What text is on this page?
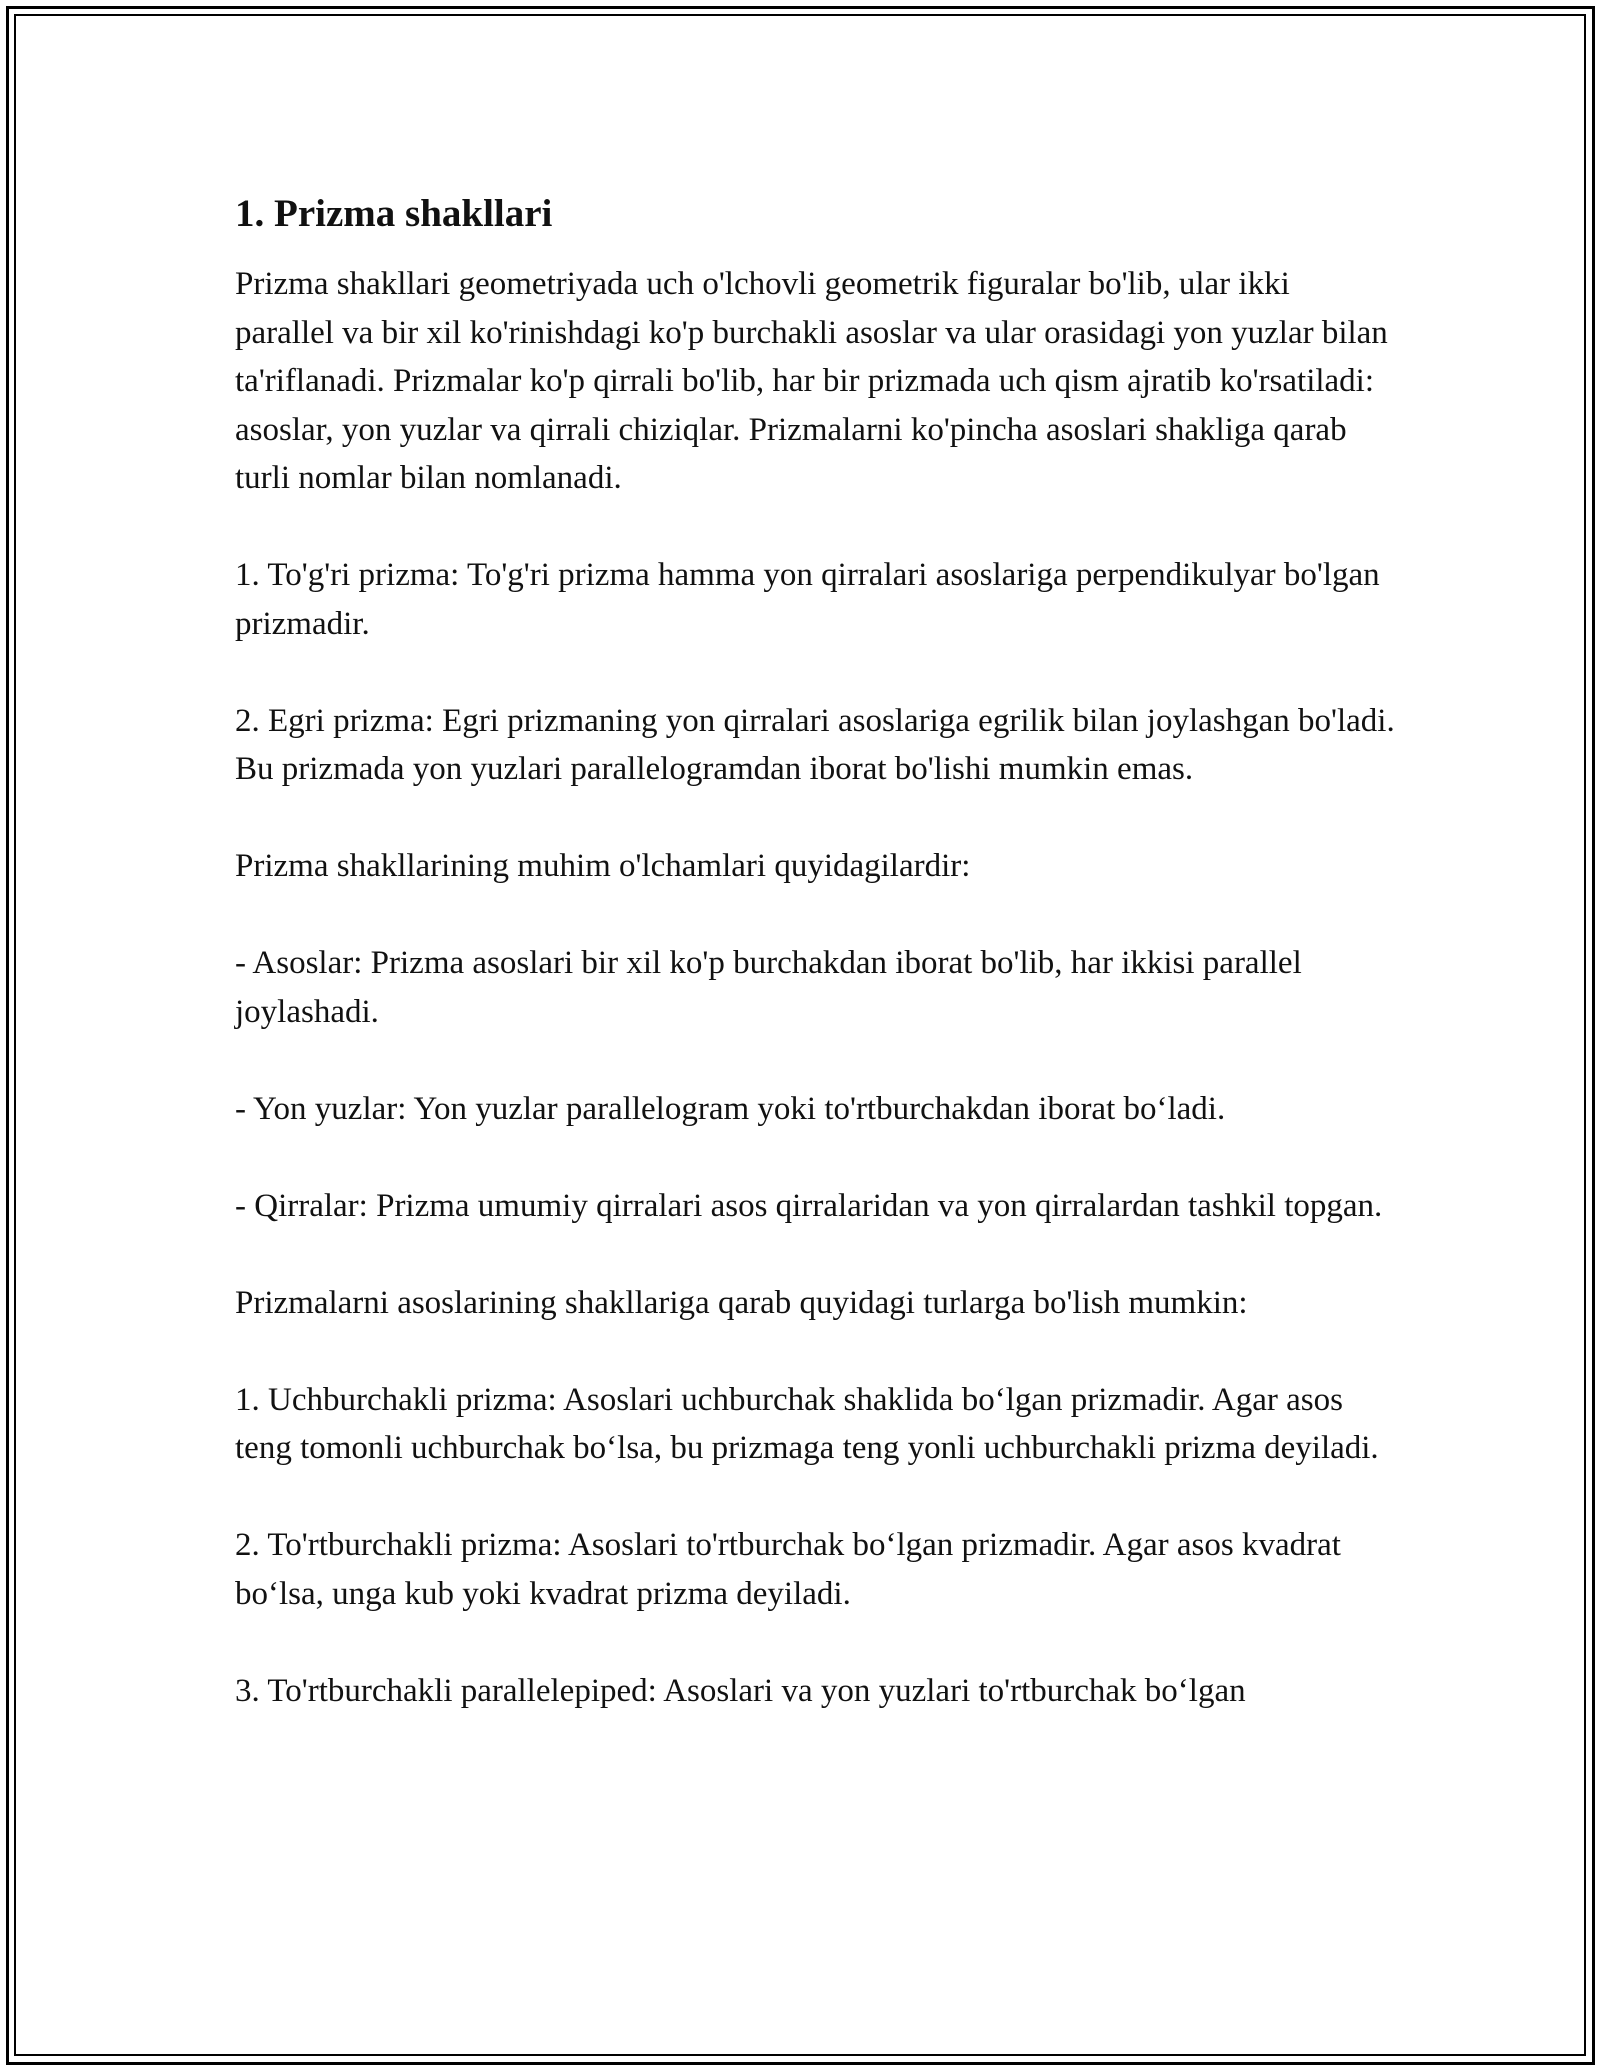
1. Prizma shakllari

Prizma shakllari geometriyada uch o'lchovli geometrik figuralar bo'lib, ular ikki parallel va bir xil ko'rinishdagi ko'p burchakli asoslar va ular orasidagi yon yuzlar bilan ta'riflanadi. Prizmalar ko'p qirrali bo'lib, har bir prizmada uch qism ajratib ko'rsatiladi: asoslar, yon yuzlar va qirrali chiziqlar. Prizmalarni ko'pincha asoslari shakliga qarab turli nomlar bilan nomlanadi.

1. To'g'ri prizma: To'g'ri prizma hamma yon qirralari asoslariga perpendikulyar bo'lgan prizmadir.

2. Egri prizma: Egri prizmaning yon qirralari asoslariga egrilik bilan joylashgan bo'ladi. Bu prizmada yon yuzlari parallelogramdan iborat bo'lishi mumkin emas.

Prizma shakllarining muhim o'lchamlari quyidagilardir:

- Asoslar: Prizma asoslari bir xil ko'p burchakdan iborat bo'lib, har ikkisi parallel joylashadi.

- Yon yuzlar: Yon yuzlar parallelogram yoki to'rtburchakdan iborat bo‘ladi.

- Qirralar: Prizma umumiy qirralari asos qirralaridan va yon qirralardan tashkil topgan.

Prizmalarni asoslarining shakllariga qarab quyidagi turlarga bo'lish mumkin:

1. Uchburchakli prizma: Asoslari uchburchak shaklida bo‘lgan prizmadir. Agar asos teng tomonli uchburchak bo‘lsa, bu prizmaga teng yonli uchburchakli prizma deyiladi.

2. To'rtburchakli prizma: Asoslari to'rtburchak bo‘lgan prizmadir. Agar asos kvadrat bo‘lsa, unga kub yoki kvadrat prizma deyiladi.

3. To'rtburchakli parallelepiped: Asoslari va yon yuzlari to'rtburchak bo‘lgan
